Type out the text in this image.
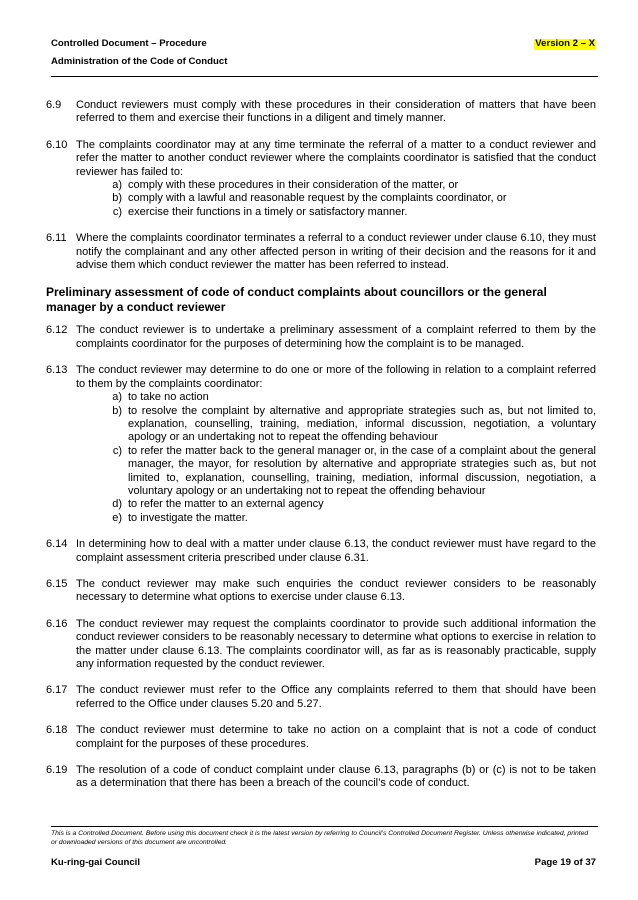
Controlled Document – Procedure
Administration of the Code of Conduct
Version 2 – X
6.9	Conduct reviewers must comply with these procedures in their consideration of matters that have been referred to them and exercise their functions in a diligent and timely manner.
6.10 The complaints coordinator may at any time terminate the referral of a matter to a conduct reviewer and refer the matter to another conduct reviewer where the complaints coordinator is satisfied that the conduct reviewer has failed to:
a) comply with these procedures in their consideration of the matter, or
b) comply with a lawful and reasonable request by the complaints coordinator, or
c) exercise their functions in a timely or satisfactory manner.
6.11 Where the complaints coordinator terminates a referral to a conduct reviewer under clause 6.10, they must notify the complainant and any other affected person in writing of their decision and the reasons for it and advise them which conduct reviewer the matter has been referred to instead.
Preliminary assessment of code of conduct complaints about councillors or the general manager by a conduct reviewer
6.12 The conduct reviewer is to undertake a preliminary assessment of a complaint referred to them by the complaints coordinator for the purposes of determining how the complaint is to be managed.
6.13 The conduct reviewer may determine to do one or more of the following in relation to a complaint referred to them by the complaints coordinator:
a) to take no action
b) to resolve the complaint by alternative and appropriate strategies such as, but not limited to, explanation, counselling, training, mediation, informal discussion, negotiation, a voluntary apology or an undertaking not to repeat the offending behaviour
c) to refer the matter back to the general manager or, in the case of a complaint about the general manager, the mayor, for resolution by alternative and appropriate strategies such as, but not limited to, explanation, counselling, training, mediation, informal discussion, negotiation, a voluntary apology or an undertaking not to repeat the offending behaviour
d) to refer the matter to an external agency
e) to investigate the matter.
6.14 In determining how to deal with a matter under clause 6.13, the conduct reviewer must have regard to the complaint assessment criteria prescribed under clause 6.31.
6.15 The conduct reviewer may make such enquiries the conduct reviewer considers to be reasonably necessary to determine what options to exercise under clause 6.13.
6.16 The conduct reviewer may request the complaints coordinator to provide such additional information the conduct reviewer considers to be reasonably necessary to determine what options to exercise in relation to the matter under clause 6.13. The complaints coordinator will, as far as is reasonably practicable, supply any information requested by the conduct reviewer.
6.17 The conduct reviewer must refer to the Office any complaints referred to them that should have been referred to the Office under clauses 5.20 and 5.27.
6.18 The conduct reviewer must determine to take no action on a complaint that is not a code of conduct complaint for the purposes of these procedures.
6.19 The resolution of a code of conduct complaint under clause 6.13, paragraphs (b) or (c) is not to be taken as a determination that there has been a breach of the council’s code of conduct.
This is a Controlled Document. Before using this document check it is the latest version by referring to Council’s Controlled Document Register. Unless otherwise indicated, printed or downloaded versions of this document are uncontrolled.
Ku-ring-gai Council	Page 19 of 37
